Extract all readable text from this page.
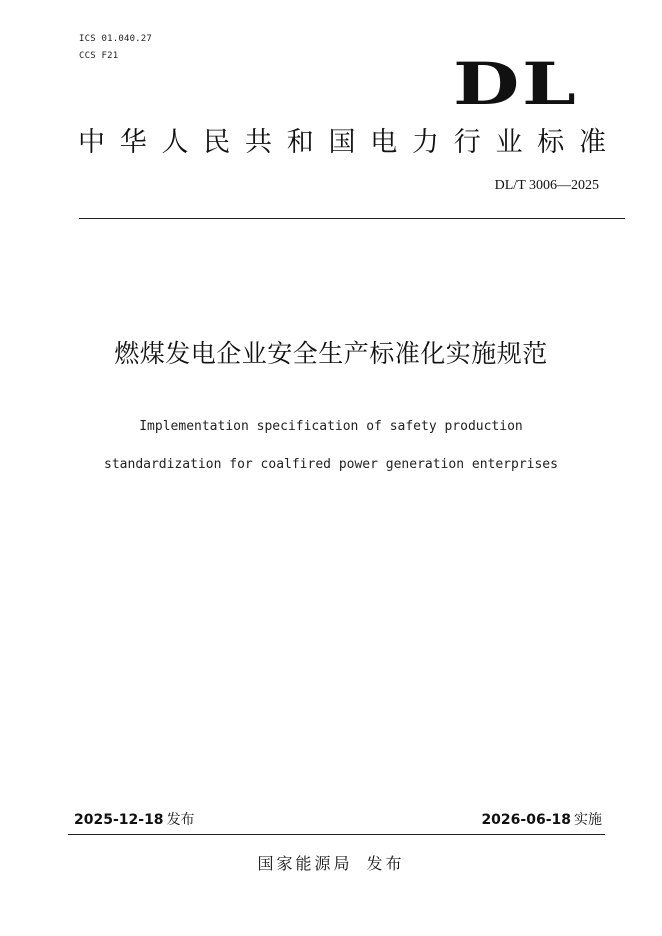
ICS 01.040.27
CCS F21	DL
中 华 人 民 共 和 国 电 力 行 业 标 准
DL/T 3006—2025
燃煤发电企业安全生产标准化实施规范
Implementation specification of safety production
standardization for coalfired power generation enterprises
2025-12-18 发布	2026-06-18 实施
国家能源局 发布
